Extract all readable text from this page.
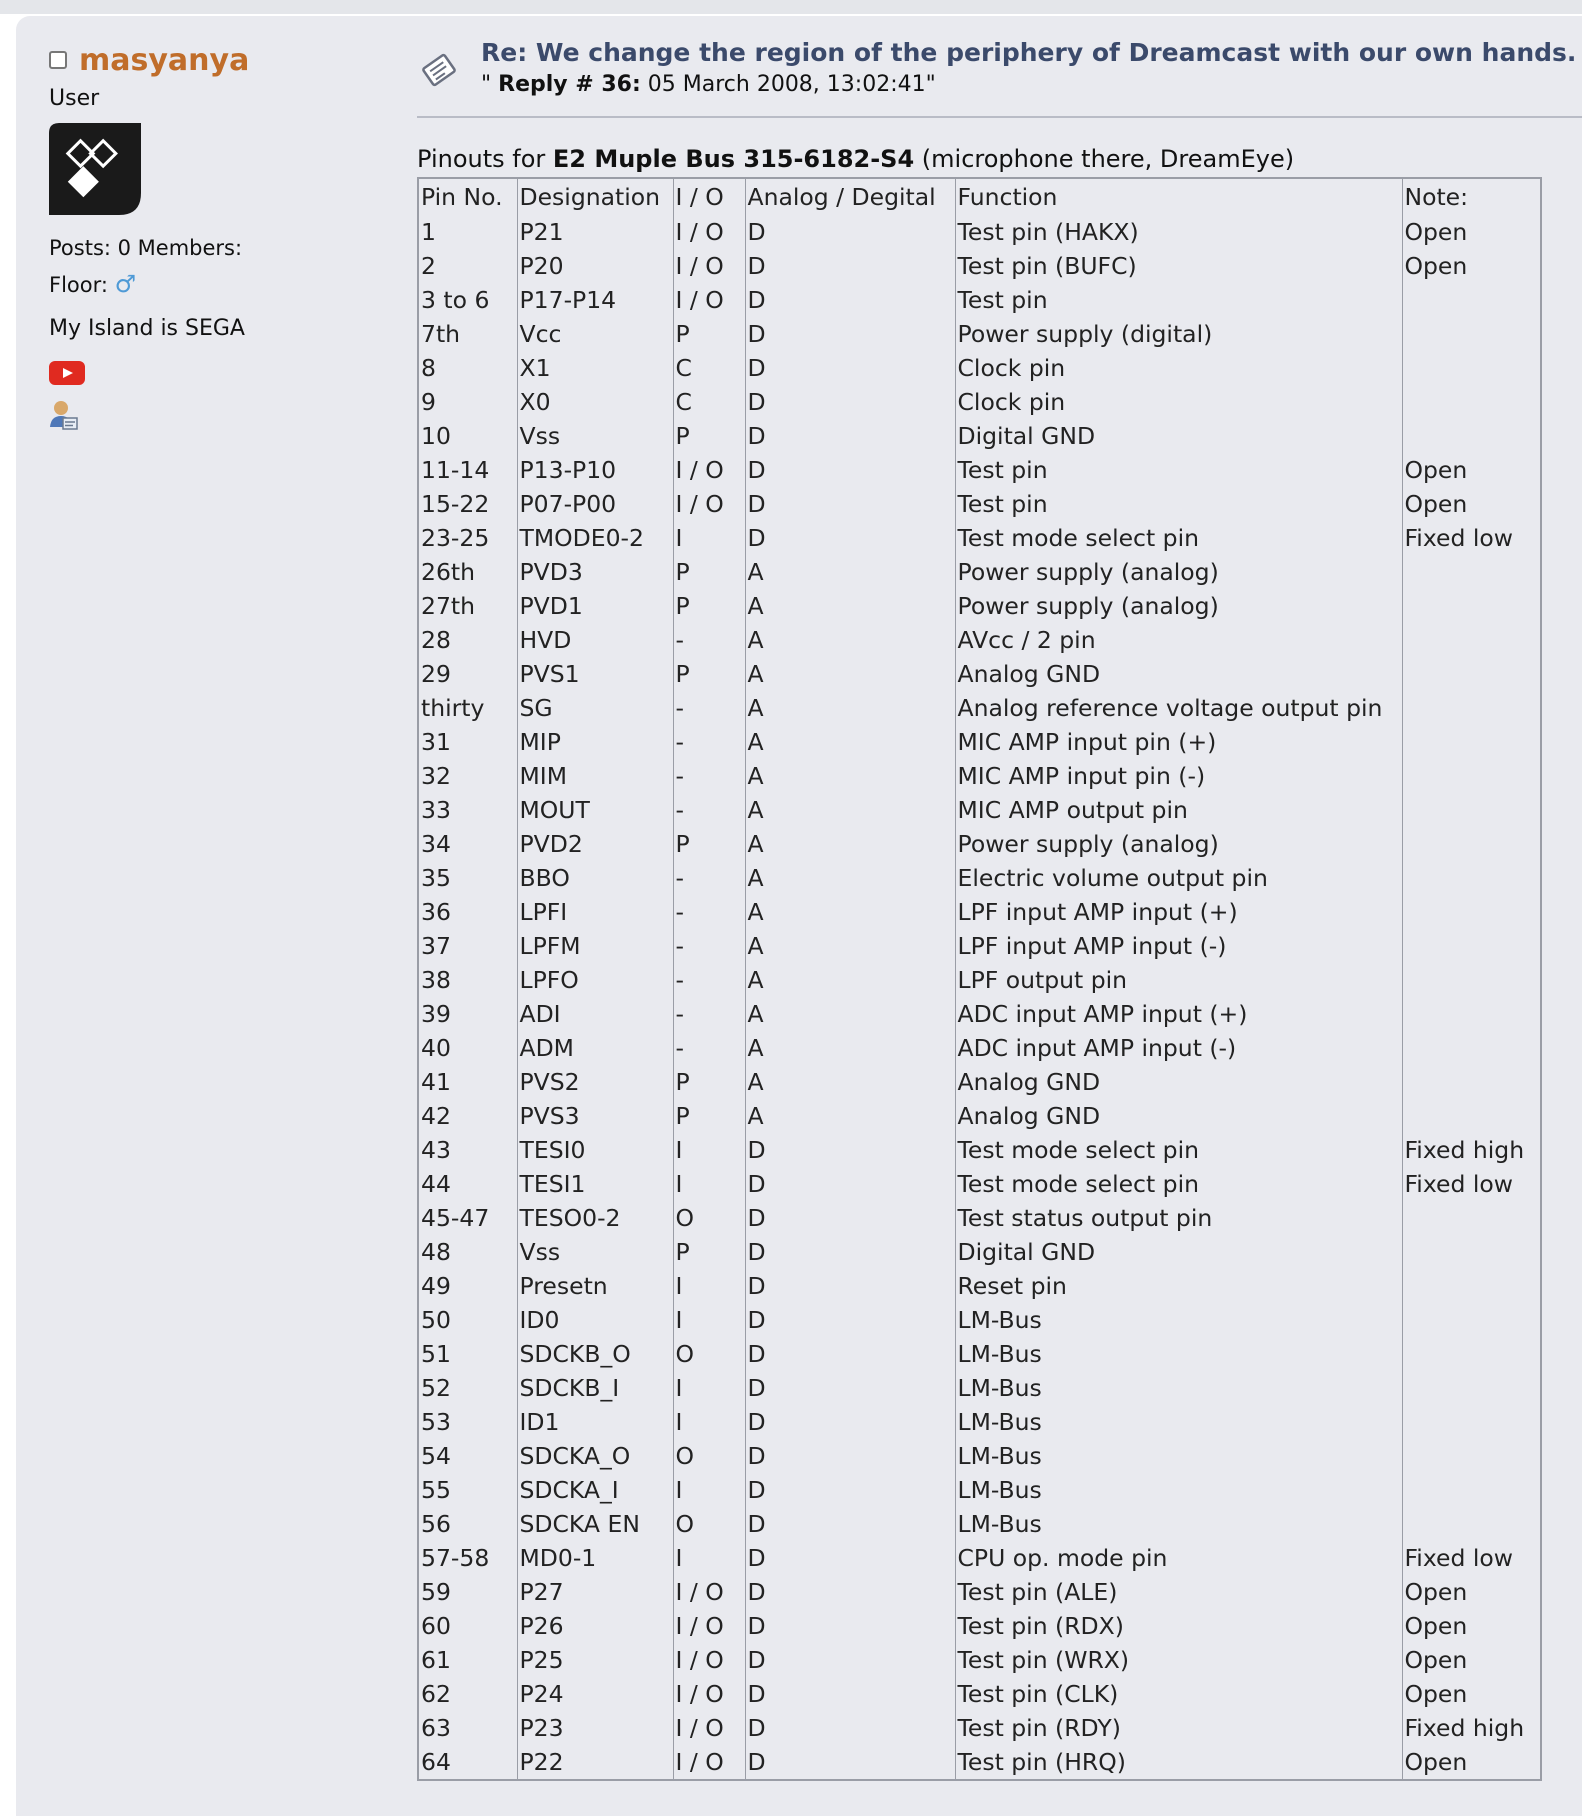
masyanya
User
Posts: 0 Members:
Floor: ♂
My Island is SEGA
Re: We change the region of the periphery of Dreamcast with our own hands.
" Reply # 36: 05 March 2008, 13:02:41"
Pinouts for E2 Muple Bus 315-6182-S4 (microphone there, DreamEye)
Pin No.	Designation	I / O	Analog / Degital	Function	Note:
1	P21	I / O	D	Test pin (HAKX)	Open
2	P20	I / O	D	Test pin (BUFC)	Open
3 to 6	P17-P14	I / O	D	Test pin	
7th	Vcc	P	D	Power supply (digital)	
8	X1	C	D	Clock pin	
9	X0	C	D	Clock pin	
10	Vss	P	D	Digital GND	
11-14	P13-P10	I / O	D	Test pin	Open
15-22	P07-P00	I / O	D	Test pin	Open
23-25	TMODE0-2	I	D	Test mode select pin	Fixed low
26th	PVD3	P	A	Power supply (analog)	
27th	PVD1	P	A	Power supply (analog)	
28	HVD	-	A	AVcc / 2 pin	
29	PVS1	P	A	Analog GND	
thirty	SG	-	A	Analog reference voltage output pin	
31	MIP	-	A	MIC AMP input pin (+)	
32	MIM	-	A	MIC AMP input pin (-)	
33	MOUT	-	A	MIC AMP output pin	
34	PVD2	P	A	Power supply (analog)	
35	BBO	-	A	Electric volume output pin	
36	LPFI	-	A	LPF input AMP input (+)	
37	LPFM	-	A	LPF input AMP input (-)	
38	LPFO	-	A	LPF output pin	
39	ADI	-	A	ADC input AMP input (+)	
40	ADM	-	A	ADC input AMP input (-)	
41	PVS2	P	A	Analog GND	
42	PVS3	P	A	Analog GND	
43	TESI0	I	D	Test mode select pin	Fixed high
44	TESI1	I	D	Test mode select pin	Fixed low
45-47	TESO0-2	O	D	Test status output pin	
48	Vss	P	D	Digital GND	
49	Presetn	I	D	Reset pin	
50	ID0	I	D	LM-Bus	
51	SDCKB_O	O	D	LM-Bus	
52	SDCKB_I	I	D	LM-Bus	
53	ID1	I	D	LM-Bus	
54	SDCKA_O	O	D	LM-Bus	
55	SDCKA_I	I	D	LM-Bus	
56	SDCKA EN	O	D	LM-Bus	
57-58	MD0-1	I	D	CPU op. mode pin	Fixed low
59	P27	I / O	D	Test pin (ALE)	Open
60	P26	I / O	D	Test pin (RDX)	Open
61	P25	I / O	D	Test pin (WRX)	Open
62	P24	I / O	D	Test pin (CLK)	Open
63	P23	I / O	D	Test pin (RDY)	Fixed high
64	P22	I / O	D	Test pin (HRQ)	Open
